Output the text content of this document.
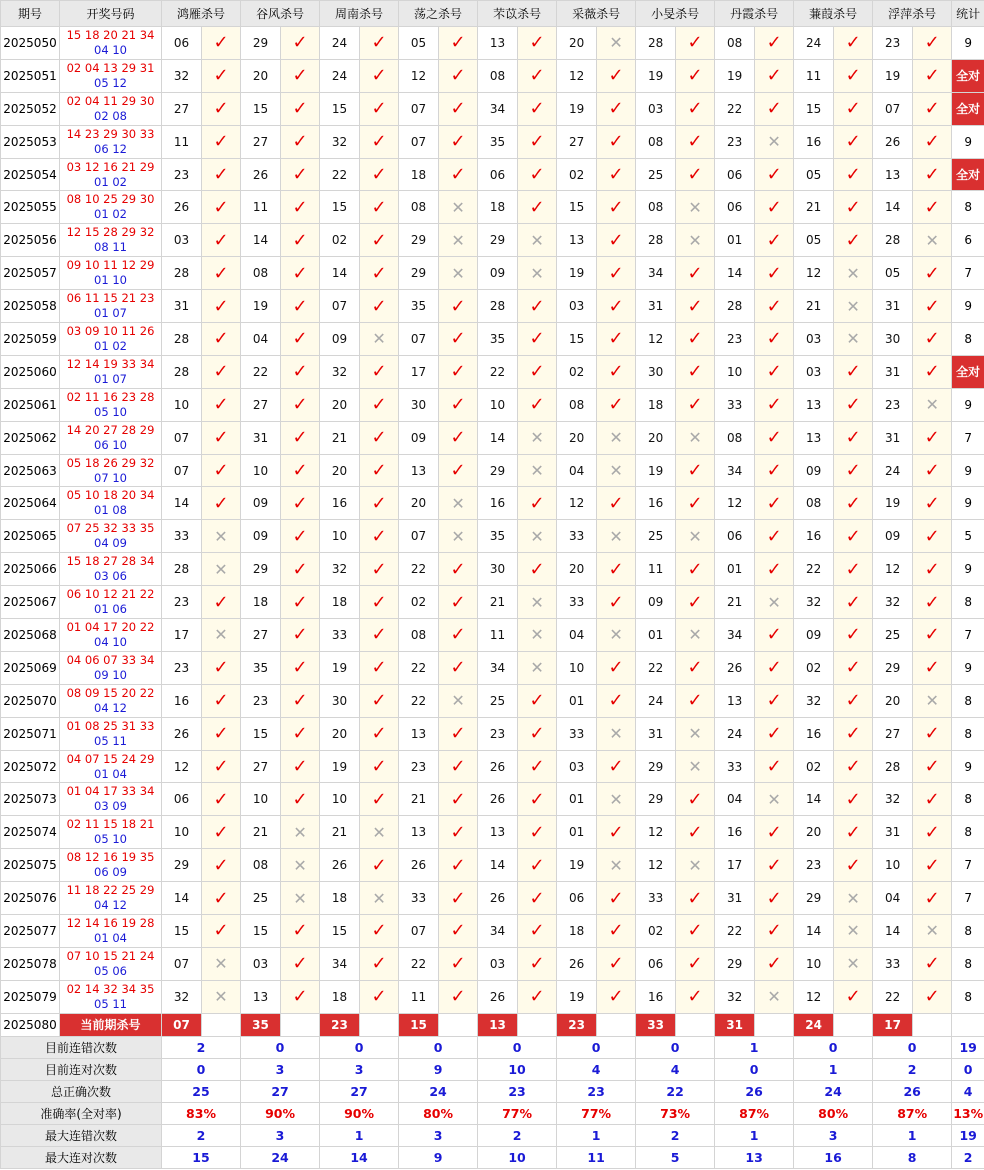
期号	开奖号码	鸿雁杀号		谷风杀号		周南杀号		荡之杀号		芣苡杀号		采薇杀号		小旻杀号		丹霞杀号		蒹葭杀号		浮萍杀号		统计
2025050	15 18 20 21 34
04 10	06	✓	29	✓	24	✓	05	✓	13	✓	20	✕	28	✓	08	✓	24	✓	23	✓	9
2025051	02 04 13 29 31
05 12	32	✓	20	✓	24	✓	12	✓	08	✓	12	✓	19	✓	19	✓	11	✓	19	✓	全对
2025052	02 04 11 29 30
02 08	27	✓	15	✓	15	✓	07	✓	34	✓	19	✓	03	✓	22	✓	15	✓	07	✓	全对
2025053	14 23 29 30 33
06 12	11	✓	27	✓	32	✓	07	✓	35	✓	27	✓	08	✓	23	✕	16	✓	26	✓	9
2025054	03 12 16 21 29
01 02	23	✓	26	✓	22	✓	18	✓	06	✓	02	✓	25	✓	06	✓	05	✓	13	✓	全对
2025055	08 10 25 29 30
01 02	26	✓	11	✓	15	✓	08	✕	18	✓	15	✓	08	✕	06	✓	21	✓	14	✓	8
2025056	12 15 28 29 32
08 11	03	✓	14	✓	02	✓	29	✕	29	✕	13	✓	28	✕	01	✓	05	✓	28	✕	6
2025057	09 10 11 12 29
01 10	28	✓	08	✓	14	✓	29	✕	09	✕	19	✓	34	✓	14	✓	12	✕	05	✓	7
2025058	06 11 15 21 23
01 07	31	✓	19	✓	07	✓	35	✓	28	✓	03	✓	31	✓	28	✓	21	✕	31	✓	9
2025059	03 09 10 11 26
01 02	28	✓	04	✓	09	✕	07	✓	35	✓	15	✓	12	✓	23	✓	03	✕	30	✓	8
2025060	12 14 19 33 34
01 07	28	✓	22	✓	32	✓	17	✓	22	✓	02	✓	30	✓	10	✓	03	✓	31	✓	全对
2025061	02 11 16 23 28
05 10	10	✓	27	✓	20	✓	30	✓	10	✓	08	✓	18	✓	33	✓	13	✓	23	✕	9
2025062	14 20 27 28 29
06 10	07	✓	31	✓	21	✓	09	✓	14	✕	20	✕	20	✕	08	✓	13	✓	31	✓	7
2025063	05 18 26 29 32
07 10	07	✓	10	✓	20	✓	13	✓	29	✕	04	✕	19	✓	34	✓	09	✓	24	✓	9
2025064	05 10 18 20 34
01 08	14	✓	09	✓	16	✓	20	✕	16	✓	12	✓	16	✓	12	✓	08	✓	19	✓	9
2025065	07 25 32 33 35
04 09	33	✕	09	✓	10	✓	07	✕	35	✕	33	✕	25	✕	06	✓	16	✓	09	✓	5
2025066	15 18 27 28 34
03 06	28	✕	29	✓	32	✓	22	✓	30	✓	20	✓	11	✓	01	✓	22	✓	12	✓	9
2025067	06 10 12 21 22
01 06	23	✓	18	✓	18	✓	02	✓	21	✕	33	✓	09	✓	21	✕	32	✓	32	✓	8
2025068	01 04 17 20 22
04 10	17	✕	27	✓	33	✓	08	✓	11	✕	04	✕	01	✕	34	✓	09	✓	25	✓	7
2025069	04 06 07 33 34
09 10	23	✓	35	✓	19	✓	22	✓	34	✕	10	✓	22	✓	26	✓	02	✓	29	✓	9
2025070	08 09 15 20 22
04 12	16	✓	23	✓	30	✓	22	✕	25	✓	01	✓	24	✓	13	✓	32	✓	20	✕	8
2025071	01 08 25 31 33
05 11	26	✓	15	✓	20	✓	13	✓	23	✓	33	✕	31	✕	24	✓	16	✓	27	✓	8
2025072	04 07 15 24 29
01 04	12	✓	27	✓	19	✓	23	✓	26	✓	03	✓	29	✕	33	✓	02	✓	28	✓	9
2025073	01 04 17 33 34
03 09	06	✓	10	✓	10	✓	21	✓	26	✓	01	✕	29	✓	04	✕	14	✓	32	✓	8
2025074	02 11 15 18 21
05 10	10	✓	21	✕	21	✕	13	✓	13	✓	01	✓	12	✓	16	✓	20	✓	31	✓	8
2025075	08 12 16 19 35
06 09	29	✓	08	✕	26	✓	26	✓	14	✓	19	✕	12	✕	17	✓	23	✓	10	✓	7
2025076	11 18 22 25 29
04 12	14	✓	25	✕	18	✕	33	✓	26	✓	06	✓	33	✓	31	✓	29	✕	04	✓	7
2025077	12 14 16 19 28
01 04	15	✓	15	✓	15	✓	07	✓	34	✓	18	✓	02	✓	22	✓	14	✕	14	✕	8
2025078	07 10 15 21 24
05 06	07	✕	03	✓	34	✓	22	✓	03	✓	26	✓	06	✓	29	✓	10	✕	33	✓	8
2025079	02 14 32 34 35
05 11	32	✕	13	✓	18	✓	11	✓	26	✓	19	✓	16	✓	32	✕	12	✓	22	✓	8
2025080	当前期杀号	07		35		23		15		13		23		33		31		24		17		
目前连错次数		2		0		0		0		0		0		0		1		0		0		19
目前连对次数		0		3		3		9		10		4		4		0		1		2		0
总正确次数		25		27		27		24		23		23		22		26		24		26		4
准确率(全对率)		83%		90%		90%		80%		77%		77%		73%		87%		80%		87%		13%
最大连错次数		2		3		1		3		2		1		2		1		3		1		19
最大连对次数		15		24		14		9		10		11		5		13		16		8		2
